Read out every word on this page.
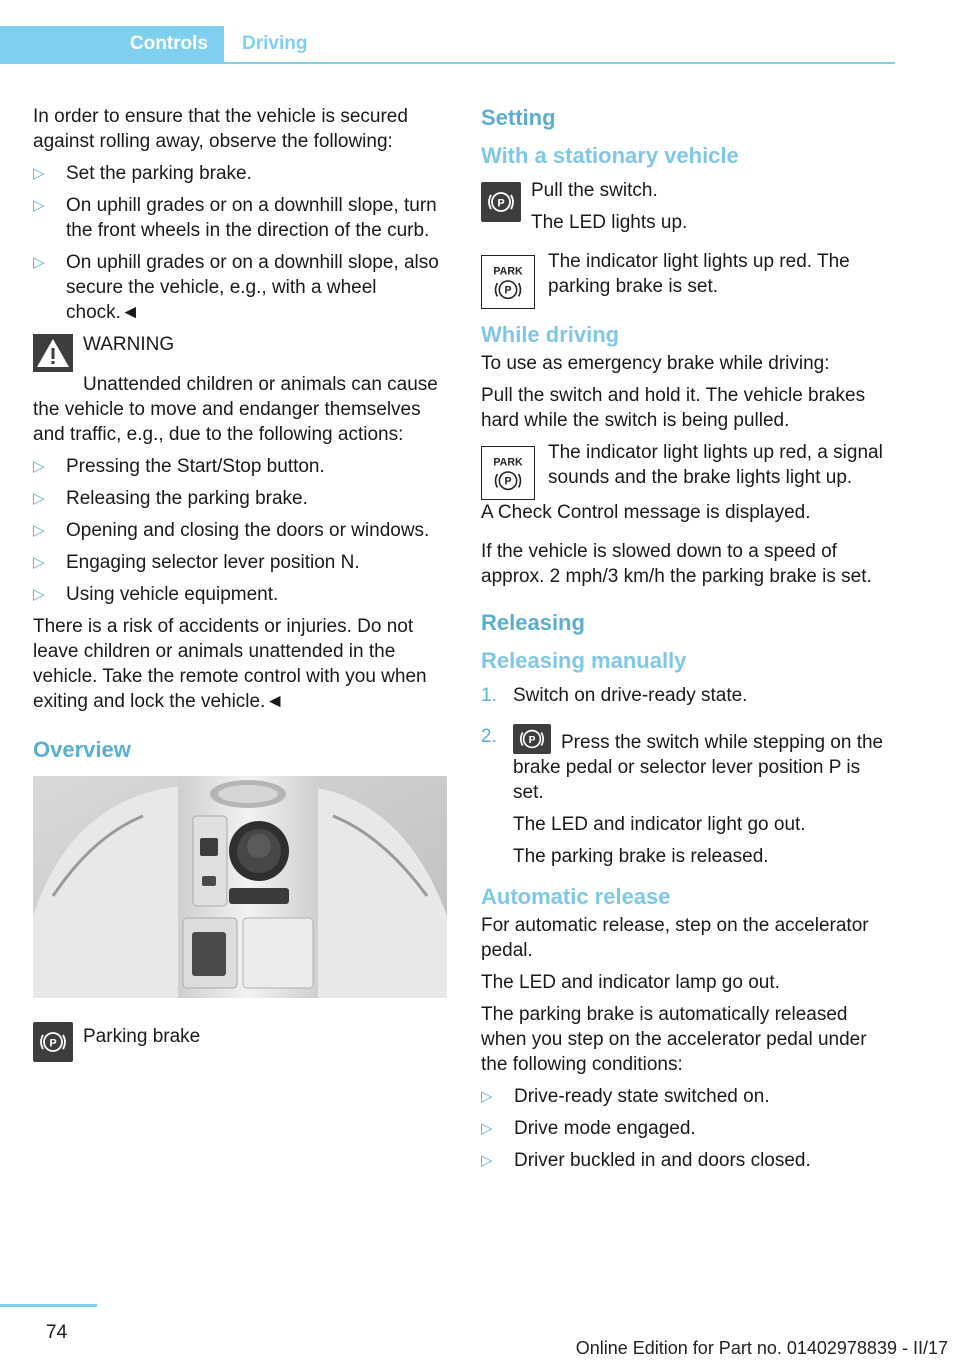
Controls	Driving

In order to ensure that the vehicle is secured against rolling away, observe the following:

▷ Set the parking brake.
▷ On uphill grades or on a downhill slope, turn the front wheels in the direction of the curb.
▷ On uphill grades or on a downhill slope, also secure the vehicle, e.g., with a wheel chock.◄

WARNING

Unattended children or animals can cause the vehicle to move and endanger themselves and traffic, e.g., due to the following actions:

▷ Pressing the Start/Stop button.
▷ Releasing the parking brake.
▷ Opening and closing the doors or windows.
▷ Engaging selector lever position N.
▷ Using vehicle equipment.

There is a risk of accidents or injuries. Do not leave children or animals unattended in the vehicle. Take the remote control with you when exiting and lock the vehicle.◄

Overview
P Parking brake

Setting
With a stationary vehicle
P

Pull the switch.

The LED lights up.

PARK
P

The indicator light lights up red. The parking brake is set.

While driving

To use as emergency brake while driving:

Pull the switch and hold it. The vehicle brakes hard while the switch is being pulled.

PARK
P

The indicator light lights up red, a signal sounds and the brake lights light up.

A Check Control message is displayed.

If the vehicle is slowed down to a speed of approx. 2 mph/3 km/h the parking brake is set.

Releasing
Releasing manually
1. Switch on drive-ready state.
2.	P Press the switch while stepping on the brake pedal or selector lever position P is set.

The LED and indicator light go out.

The parking brake is released.

Automatic release

For automatic release, step on the accelerator pedal.

The LED and indicator lamp go out.

The parking brake is automatically released when you step on the accelerator pedal under the following conditions:

▷ Drive-ready state switched on.
▷ Drive mode engaged.
▷ Driver buckled in and doors closed.
74
Online Edition for Part no. 01402978839 - II/17
